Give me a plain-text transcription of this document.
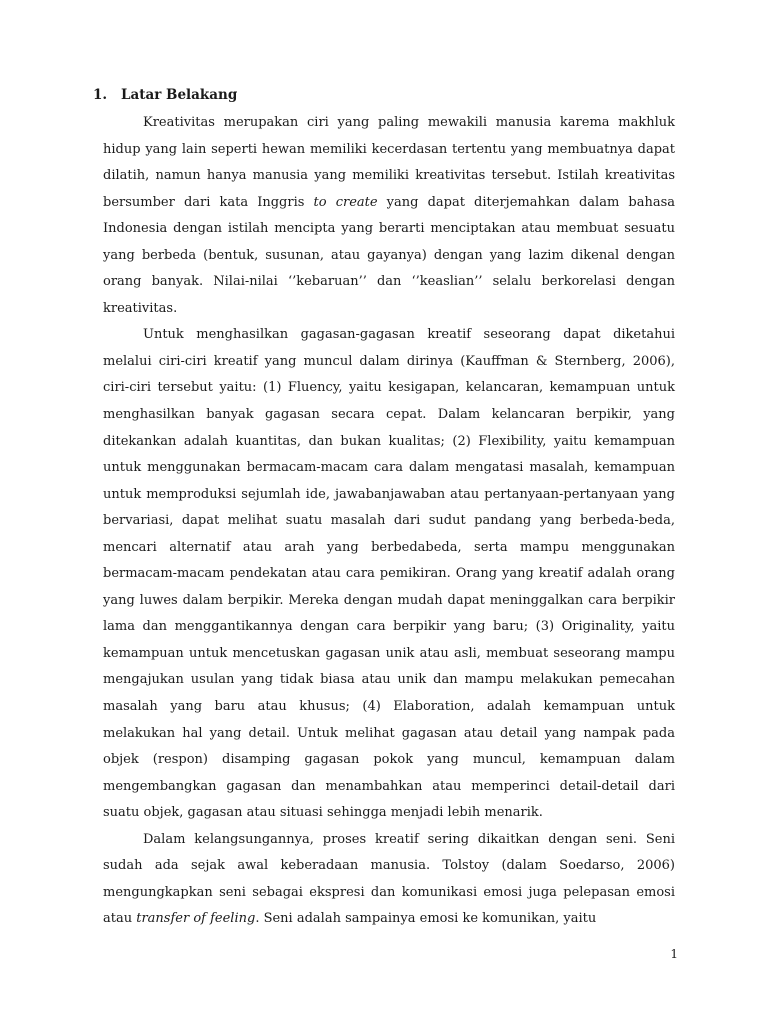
1. Latar Belakang

Kreativitas merupakan ciri yang paling mewakili manusia karema makhluk hidup yang lain seperti hewan memiliki kecerdasan tertentu yang membuatnya dapat dilatih, namun hanya manusia yang memiliki kreativitas tersebut. Istilah kreativitas bersumber dari kata Inggris to create yang dapat diterjemahkan dalam bahasa Indonesia dengan istilah mencipta yang berarti menciptakan atau membuat sesuatu yang berbeda (bentuk, susunan, atau gayanya) dengan yang lazim dikenal dengan orang banyak. Nilai-nilai ‘’kebaruan’’ dan ‘’keaslian’’ selalu berkorelasi dengan kreativitas.

Untuk menghasilkan gagasan-gagasan kreatif seseorang dapat diketahui melalui ciri-ciri kreatif yang muncul dalam dirinya (Kauffman & Sternberg, 2006), ciri-ciri tersebut yaitu: (1) Fluency, yaitu kesigapan, kelancaran, kemampuan untuk menghasilkan banyak gagasan secara cepat. Dalam kelancaran berpikir, yang ditekankan adalah kuantitas, dan bukan kualitas; (2) Flexibility, yaitu kemampuan untuk menggunakan bermacam-macam cara dalam mengatasi masalah, kemampuan untuk memproduksi sejumlah ide, jawabanjawaban atau pertanyaan-pertanyaan yang bervariasi, dapat melihat suatu masalah dari sudut pandang yang berbeda-beda, mencari alternatif atau arah yang berbedabeda, serta mampu menggunakan bermacam-macam pendekatan atau cara pemikiran. Orang yang kreatif adalah orang yang luwes dalam berpikir. Mereka dengan mudah dapat meninggalkan cara berpikir lama dan menggantikannya dengan cara berpikir yang baru; (3) Originality, yaitu kemampuan untuk mencetuskan gagasan unik atau asli, membuat seseorang mampu mengajukan usulan yang tidak biasa atau unik dan mampu melakukan pemecahan masalah yang baru atau khusus; (4) Elaboration, adalah kemampuan untuk melakukan hal yang detail. Untuk melihat gagasan atau detail yang nampak pada objek (respon) disamping gagasan pokok yang muncul, kemampuan dalam mengembangkan gagasan dan menambahkan atau memperinci detail-detail dari suatu objek, gagasan atau situasi sehingga menjadi lebih menarik.

Dalam kelangsungannya, proses kreatif sering dikaitkan dengan seni. Seni sudah ada sejak awal keberadaan manusia. Tolstoy (dalam Soedarso, 2006) mengungkapkan seni sebagai ekspresi dan komunikasi emosi juga pelepasan emosi atau transfer of feeling. Seni adalah sampainya emosi ke komunikan, yaitu

1
